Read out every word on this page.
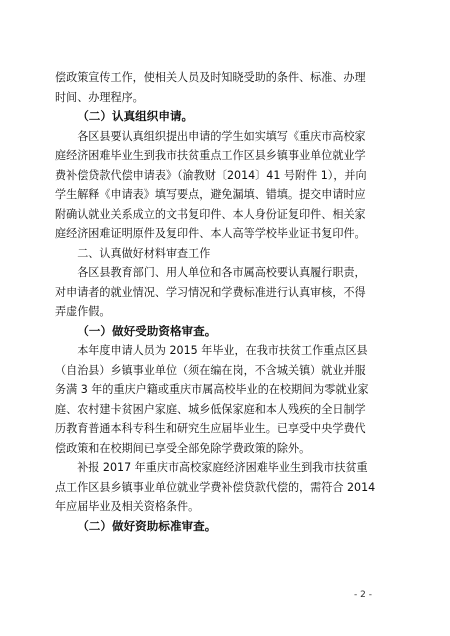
偿政策宣传工作，使相关人员及时知晓受助的条件、标准、办理
时间、办理程序。
（二）认真组织申请。
各区县要认真组织提出申请的学生如实填写《重庆市高校家
庭经济困难毕业生到我市扶贫重点工作区县乡镇事业单位就业学
费补偿贷款代偿申请表》（渝教财〔2014〕41 号附件 1），并向
学生解释《申请表》填写要点，避免漏填、错填。提交申请时应
附确认就业关系成立的文书复印件、本人身份证复印件、相关家
庭经济困难证明原件及复印件、本人高等学校毕业证书复印件。
二、认真做好材料审查工作
各区县教育部门、用人单位和各市属高校要认真履行职责，
对申请者的就业情况、学习情况和学费标准进行认真审核，不得
弄虚作假。
（一）做好受助资格审查。
本年度申请人员为 2015 年毕业，在我市扶贫工作重点区县
（自治县）乡镇事业单位（须在编在岗，不含城关镇）就业并服
务满 3 年的重庆户籍或重庆市属高校毕业的在校期间为零就业家
庭、农村建卡贫困户家庭、城乡低保家庭和本人残疾的全日制学
历教育普通本科专科生和研究生应届毕业生。已享受中央学费代
偿政策和在校期间已享受全部免除学费政策的除外。
补报 2017 年重庆市高校家庭经济困难毕业生到我市扶贫重
点工作区县乡镇事业单位就业学费补偿贷款代偿的，需符合 2014
年应届毕业及相关资格条件。
（二）做好资助标准审查。
- 2 -
